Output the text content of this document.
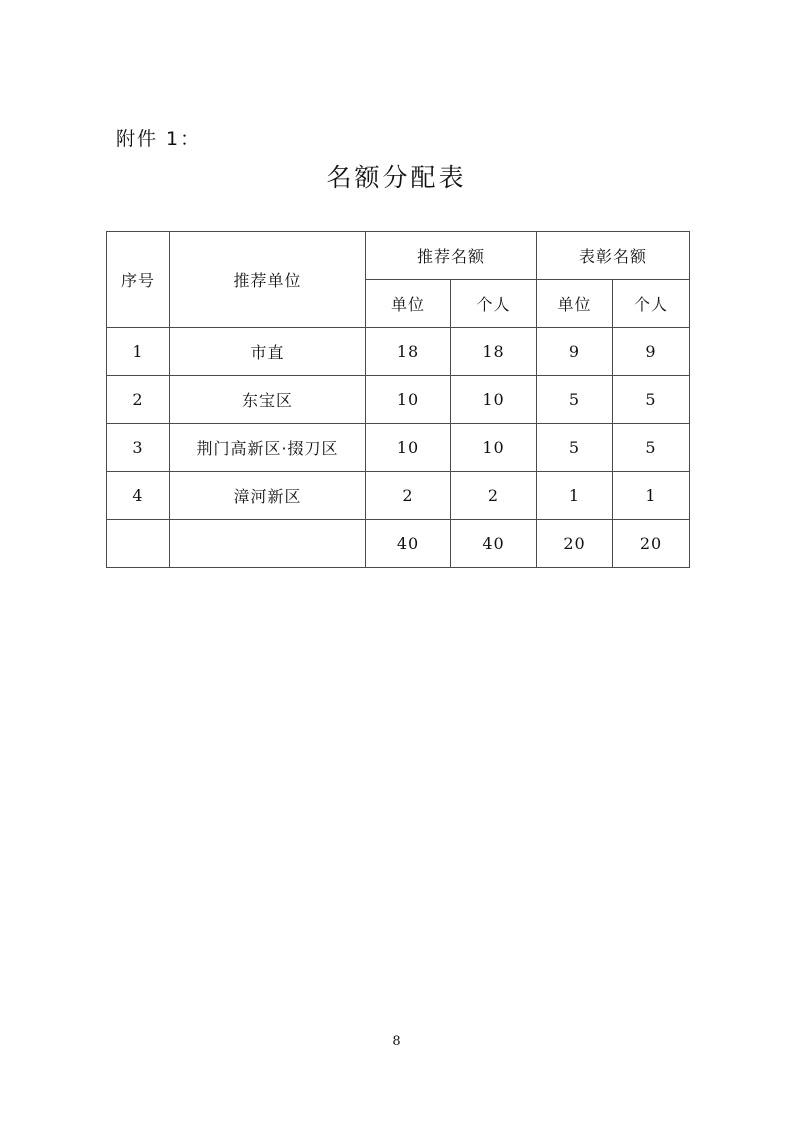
附件 1：
名额分配表
序号	推荐单位	推荐名额		表彰名额	
		单位	个人	单位	个人
1	市直	18	18	9	9
2	东宝区	10	10	5	5
3	荆门高新区·掇刀区	10	10	5	5
4	漳河新区	2	2	1	1
		40	40	20	20
8
